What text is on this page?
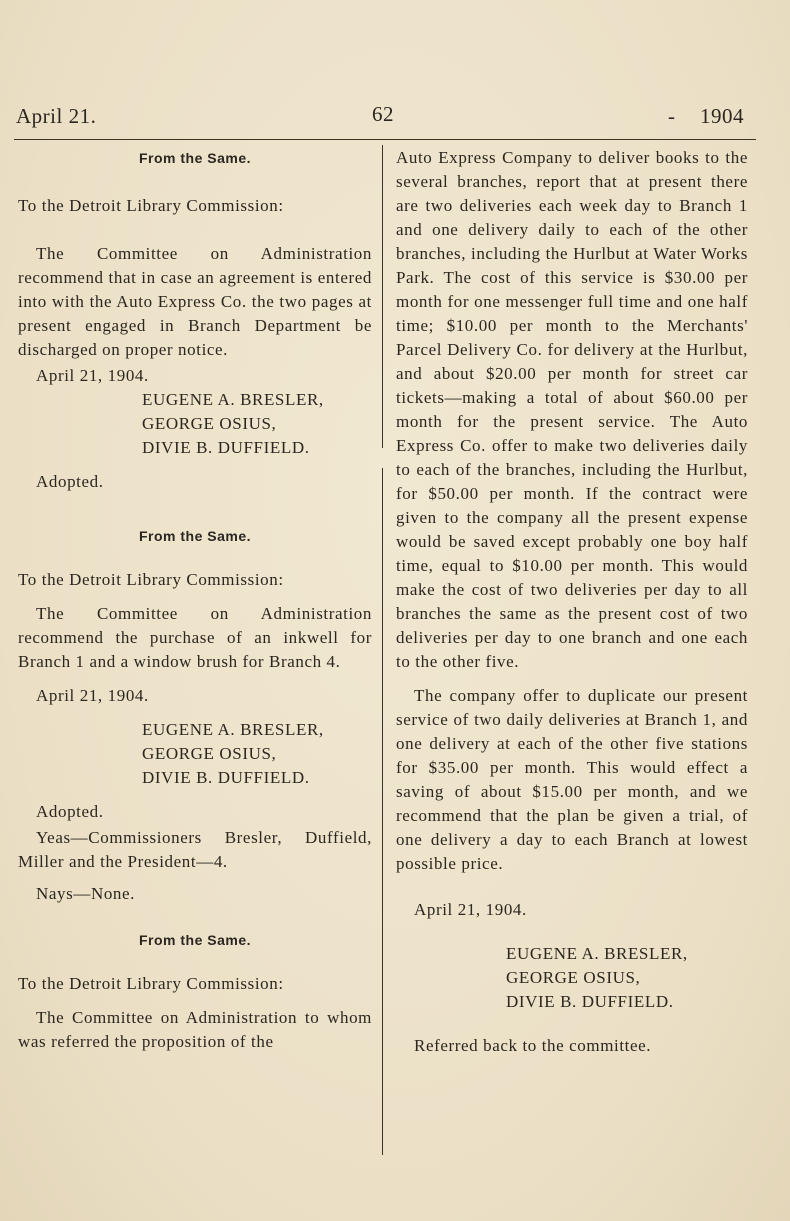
April 21.	62	- 1904
From the Same.

To the Detroit Library Commission:

The Committee on Administration recommend that in case an agreement is entered into with the Auto Express Co. the two pages at present engaged in Branch Department be discharged on proper notice.

April 21, 1904.

EUGENE A. BRESLER,
GEORGE OSIUS,
DIVIE B. DUFFIELD.

Adopted.

From the Same.

To the Detroit Library Commission:

The Committee on Administration recommend the purchase of an inkwell for Branch 1 and a window brush for Branch 4.

April 21, 1904.

EUGENE A. BRESLER,
GEORGE OSIUS,
DIVIE B. DUFFIELD.

Adopted.

Yeas—Commissioners Bresler, Duffield, Miller and the President—4.

Nays—None.

From the Same.

To the Detroit Library Commission:

The Committee on Administration to whom was referred the proposition of the

Auto Express Company to deliver books to the several branches, report that at present there are two deliveries each week day to Branch 1 and one delivery daily to each of the other branches, including the Hurlbut at Water Works Park. The cost of this service is $30.00 per month for one messenger full time and one half time; $10.00 per month to the Merchants' Parcel Delivery Co. for delivery at the Hurlbut, and about $20.00 per month for street car tickets—making a total of about $60.00 per month for the present service. The Auto Express Co. offer to make two deliveries daily to each of the branches, including the Hurlbut, for $50.00 per month. If the contract were given to the company all the present expense would be saved except probably one boy half time, equal to $10.00 per month. This would make the cost of two deliveries per day to all branches the same as the present cost of two deliveries per day to one branch and one each to the other five.

The company offer to duplicate our present service of two daily deliveries at Branch 1, and one delivery at each of the other five stations for $35.00 per month. This would effect a saving of about $15.00 per month, and we recommend that the plan be given a trial, of one delivery a day to each Branch at lowest possible price.

April 21, 1904.

EUGENE A. BRESLER,
GEORGE OSIUS,
DIVIE B. DUFFIELD.

Referred back to the committee.
